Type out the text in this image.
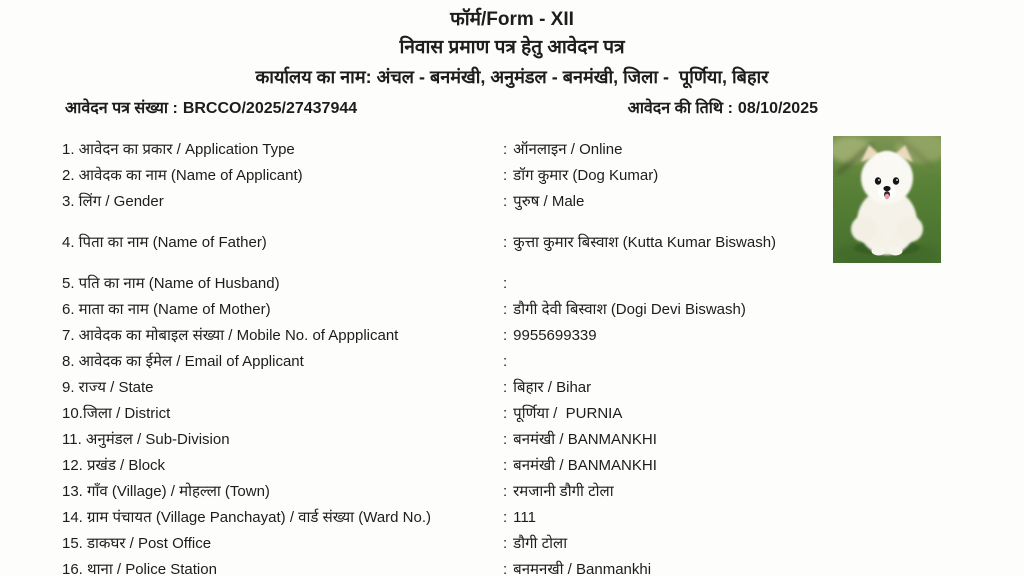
फॉर्म/Form - XII
निवास प्रमाण पत्र हेतु आवेदन पत्र
कार्यालय का नाम: अंचल - बनमंखी, अनुमंडल - बनमंखी, जिला -  पूर्णिया, बिहार
आवेदन पत्र संख्या : BRCCO/2025/27437944	आवेदन की तिथि : 08/10/2025
1. आवेदन का प्रकार / Application Type	: ऑनलाइन / Online
2. आवेदक का नाम (Name of Applicant)	: डॉग कुमार (Dog Kumar)
3. लिंग / Gender	: पुरुष / Male
4. पिता का नाम (Name of Father)	: कुत्ता कुमार बिस्वाश (Kutta Kumar Biswash)
5. पति का नाम (Name of Husband)	:
6. माता का नाम (Name of Mother)	: डौगी देवी बिस्वाश (Dogi Devi Biswash)
7. आवेदक का मोबाइल संख्या / Mobile No. of Appplicant	: 9955699339
8. आवेदक का ईमेल / Email of Applicant	:
9. राज्य / State	: बिहार / Bihar
10.जिला / District	: पूर्णिया /  PURNIA
11. अनुमंडल / Sub-Division	: बनमंखी / BANMANKHI
12. प्रखंड / Block	: बनमंखी / BANMANKHI
13. गाँव (Village) / मोहल्ला (Town)	: रमजानी डौगी टोला
14. ग्राम पंचायत (Village Panchayat) / वार्ड संख्या (Ward No.)	: 111
15. डाकघर / Post Office	: डौगी टोला
16. थाना / Police Station	: बनमनखी / Banmankhi
